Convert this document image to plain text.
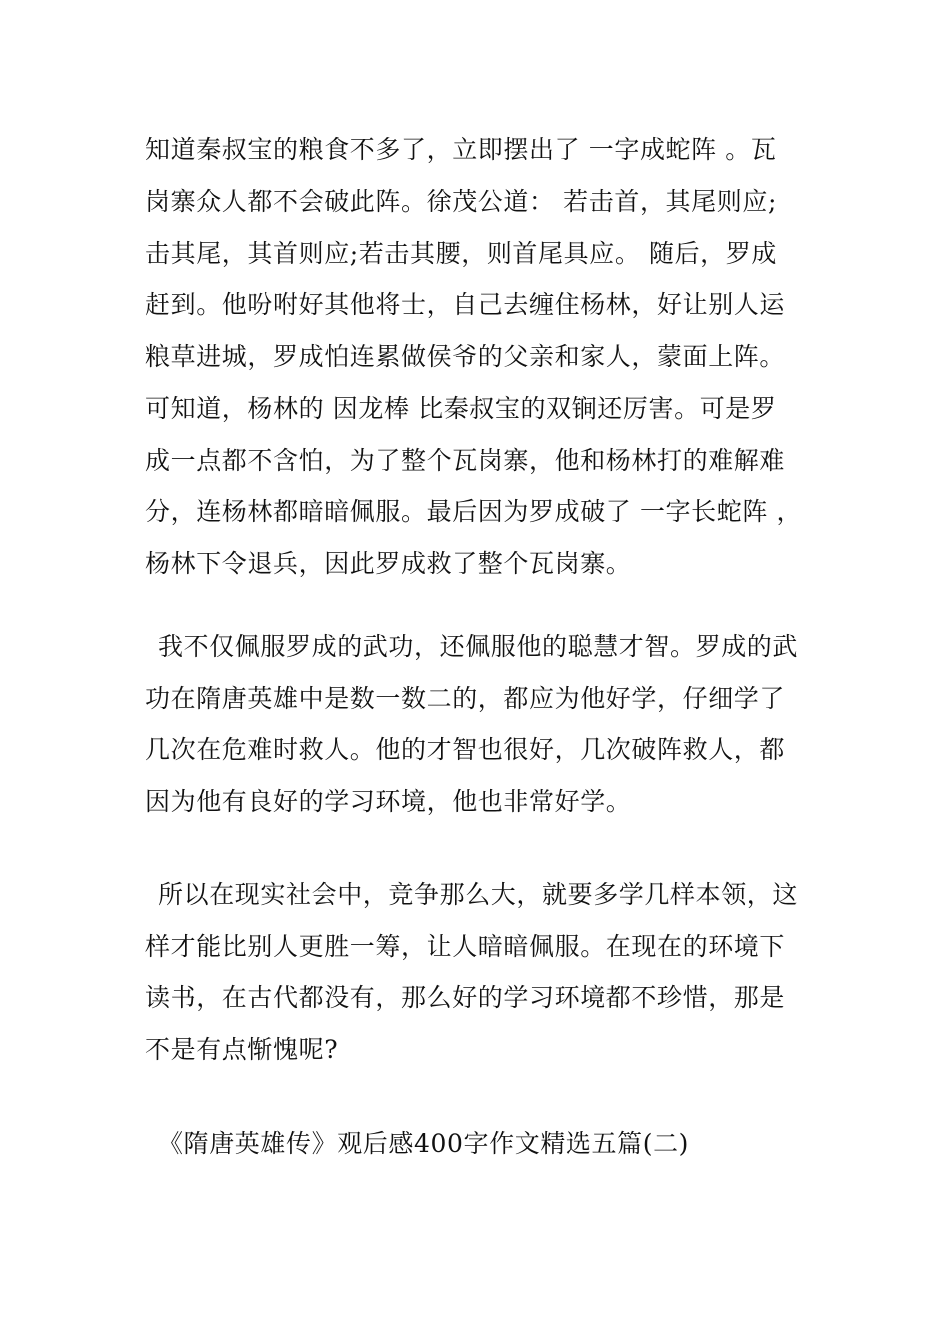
知道秦叔宝的粮食不多了，立即摆出了 一字成蛇阵 。瓦
岗寨众人都不会破此阵。徐茂公道： 若击首，其尾则应;
击其尾，其首则应;若击其腰，则首尾具应。 随后，罗成
赶到。他吩咐好其他将士，自己去缠住杨林，好让别人运
粮草进城，罗成怕连累做侯爷的父亲和家人，蒙面上阵。
可知道，杨林的 因龙棒 比秦叔宝的双锏还厉害。可是罗
成一点都不含怕，为了整个瓦岗寨，他和杨林打的难解难
分，连杨林都暗暗佩服。最后因为罗成破了 一字长蛇阵 ，
杨林下令退兵，因此罗成救了整个瓦岗寨。
我不仅佩服罗成的武功，还佩服他的聪慧才智。罗成的武
功在隋唐英雄中是数一数二的，都应为他好学，仔细学了
几次在危难时救人。他的才智也很好，几次破阵救人，都
因为他有良好的学习环境，他也非常好学。
所以在现实社会中，竞争那么大，就要多学几样本领，这
样才能比别人更胜一筹，让人暗暗佩服。在现在的环境下
读书，在古代都没有，那么好的学习环境都不珍惜，那是
不是有点惭愧呢?
《隋唐英雄传》观后感400字作文精选五篇(二)
